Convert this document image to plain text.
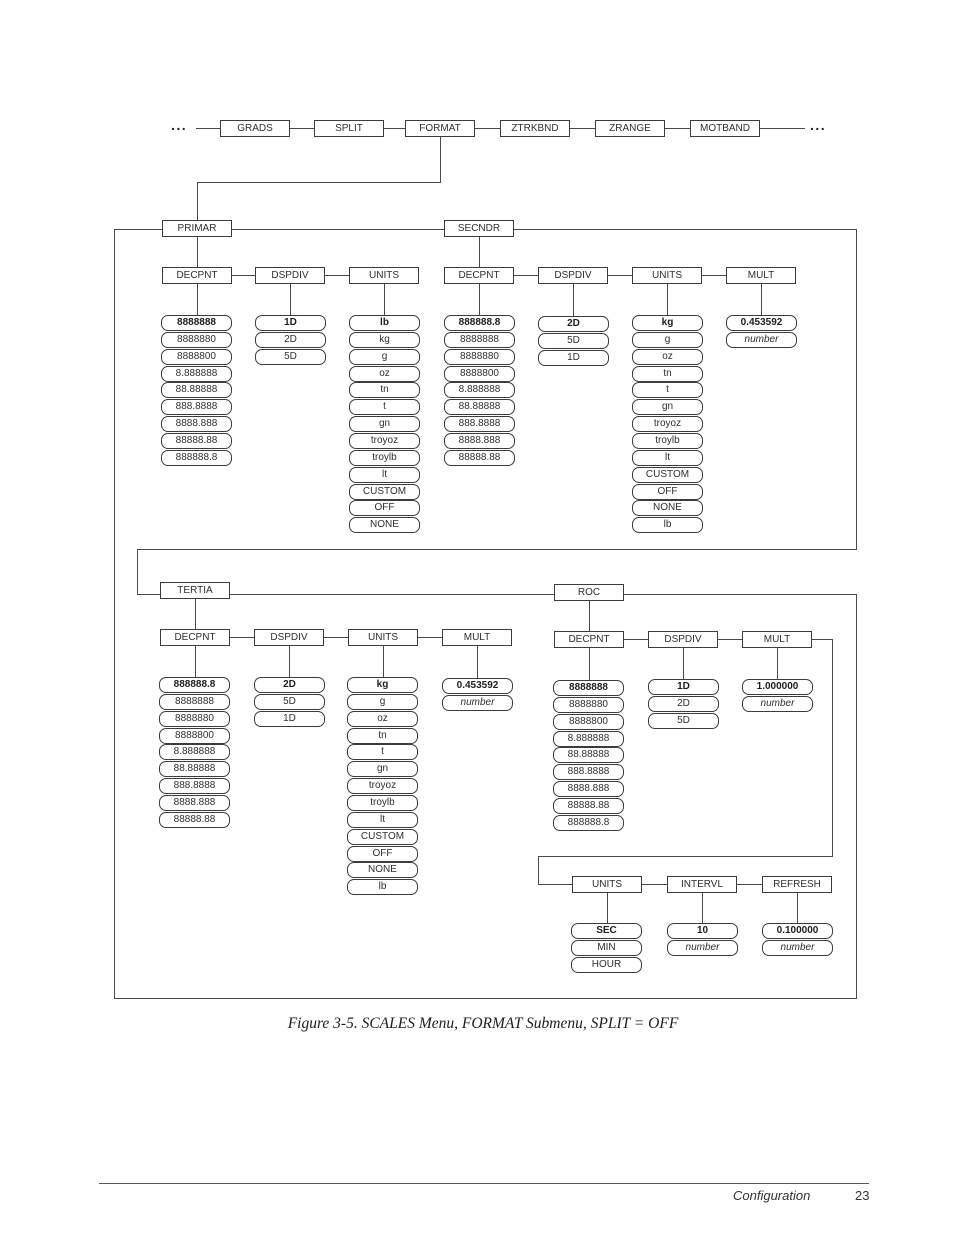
...	...
GRADS	SPLIT	FORMAT	ZTRKBND	ZRANGE	MOTBAND
PRIMAR
DECPNT
8888888
8888880
8888800
8.888888
88.88888
888.8888
8888.888
88888.88
888888.8
DSPDIV
1D
2D
5D
UNITS
lb
kg
g
oz
tn
t
gn
troyoz
troylb
lt
CUSTOM
OFF
NONE
SECNDR
DECPNT
888888.8
8888888
8888880
8888800
8.888888
88.88888
888.8888
8888.888
88888.88
DSPDIV
2D
5D
1D
UNITS
kg
g
oz
tn
t
gn
troyoz
troylb
lt
CUSTOM
OFF
NONE
lb
MULT
0.453592
number
TERTIA
DECPNT
888888.8
8888888
8888880
8888800
8.888888
88.88888
888.8888
8888.888
88888.88
DSPDIV
2D
5D
1D
UNITS
kg
g
oz
tn
t
gn
troyoz
troylb
lt
CUSTOM
OFF
NONE
lb
MULT
0.453592
number
ROC
DECPNT
8888888
8888880
8888800
8.888888
88.88888
888.8888
8888.888
88888.88
888888.8
DSPDIV
1D
2D
5D
MULT
1.000000
number
UNITS
SEC
MIN
HOUR
INTERVL
10
number
REFRESH
0.100000
number
Figure 3-5. SCALES Menu, FORMAT Submenu, SPLIT = OFF
Configuration	23
